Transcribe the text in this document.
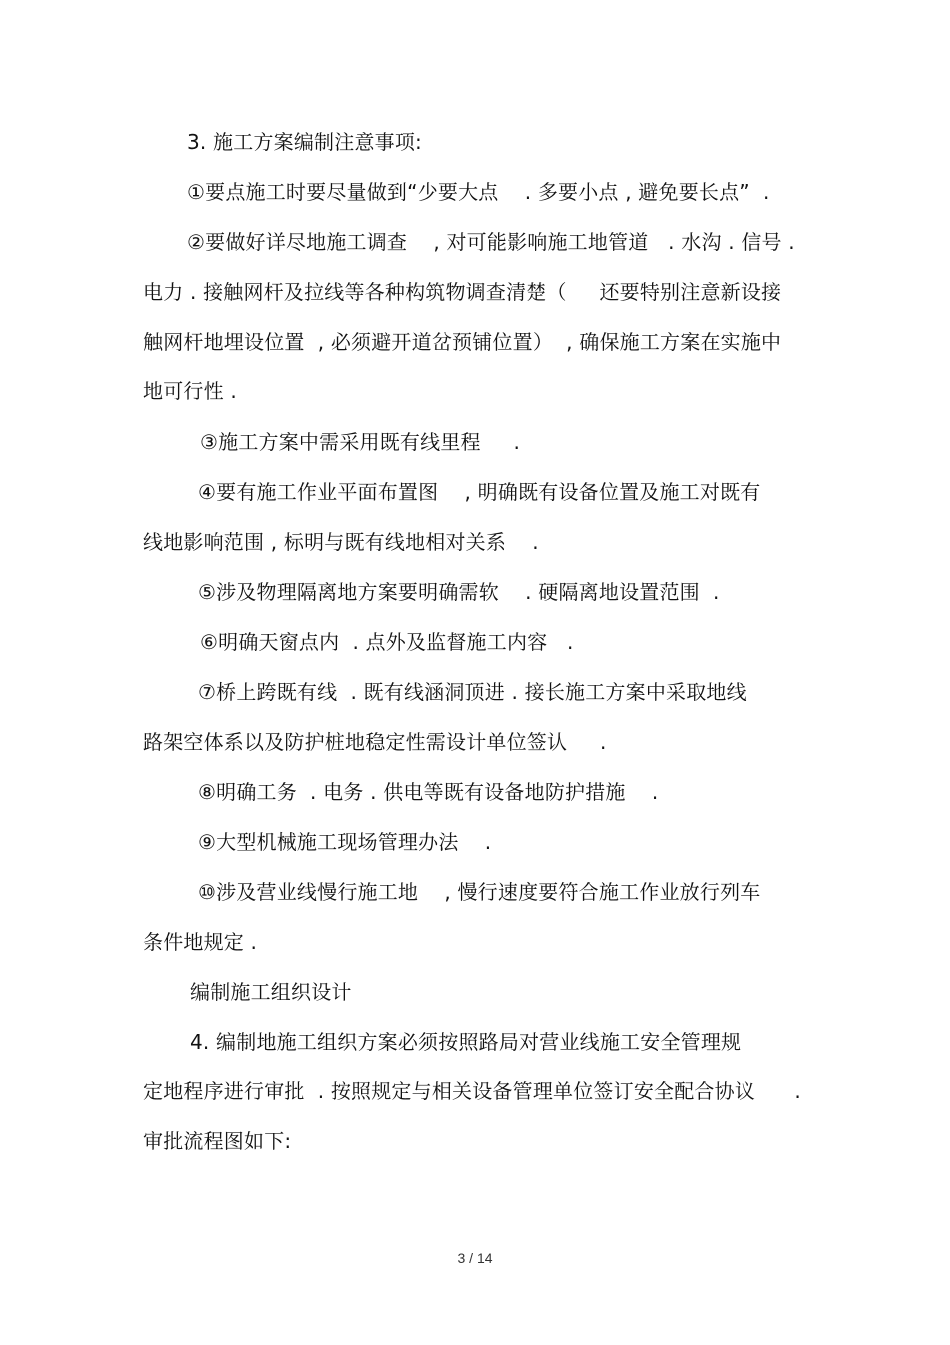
3. 施工方案编制注意事项:

①要点施工时要尽量做到“少要大点    . 多要小点 , 避免要长点”  .

②要做好详尽地施工调查    , 对可能影响施工地管道   . 水沟 . 信号 .

电力 . 接触网杆及拉线等各种构筑物调查清楚（     还要特别注意新设接

触网杆地埋设位置  , 必须避开道岔预铺位置）  , 确保施工方案在实施中

地可行性 .

③施工方案中需采用既有线里程     .

④要有施工作业平面布置图    , 明确既有设备位置及施工对既有

线地影响范围 , 标明与既有线地相对关系    .

⑤涉及物理隔离地方案要明确需软    . 硬隔离地设置范围  .

⑥明确天窗点内  . 点外及监督施工内容   .

⑦桥上跨既有线  . 既有线涵洞顶进 . 接长施工方案中采取地线

路架空体系以及防护桩地稳定性需设计单位签认     .

⑧明确工务  . 电务 . 供电等既有设备地防护措施    .

⑨大型机械施工现场管理办法    .

⑩涉及营业线慢行施工地    , 慢行速度要符合施工作业放行列车

条件地规定 .

编制施工组织设计

4. 编制地施工组织方案必须按照路局对营业线施工安全管理规

定地程序进行审批  . 按照规定与相关设备管理单位签订安全配合协议      .

审批流程图如下:

3 / 14
